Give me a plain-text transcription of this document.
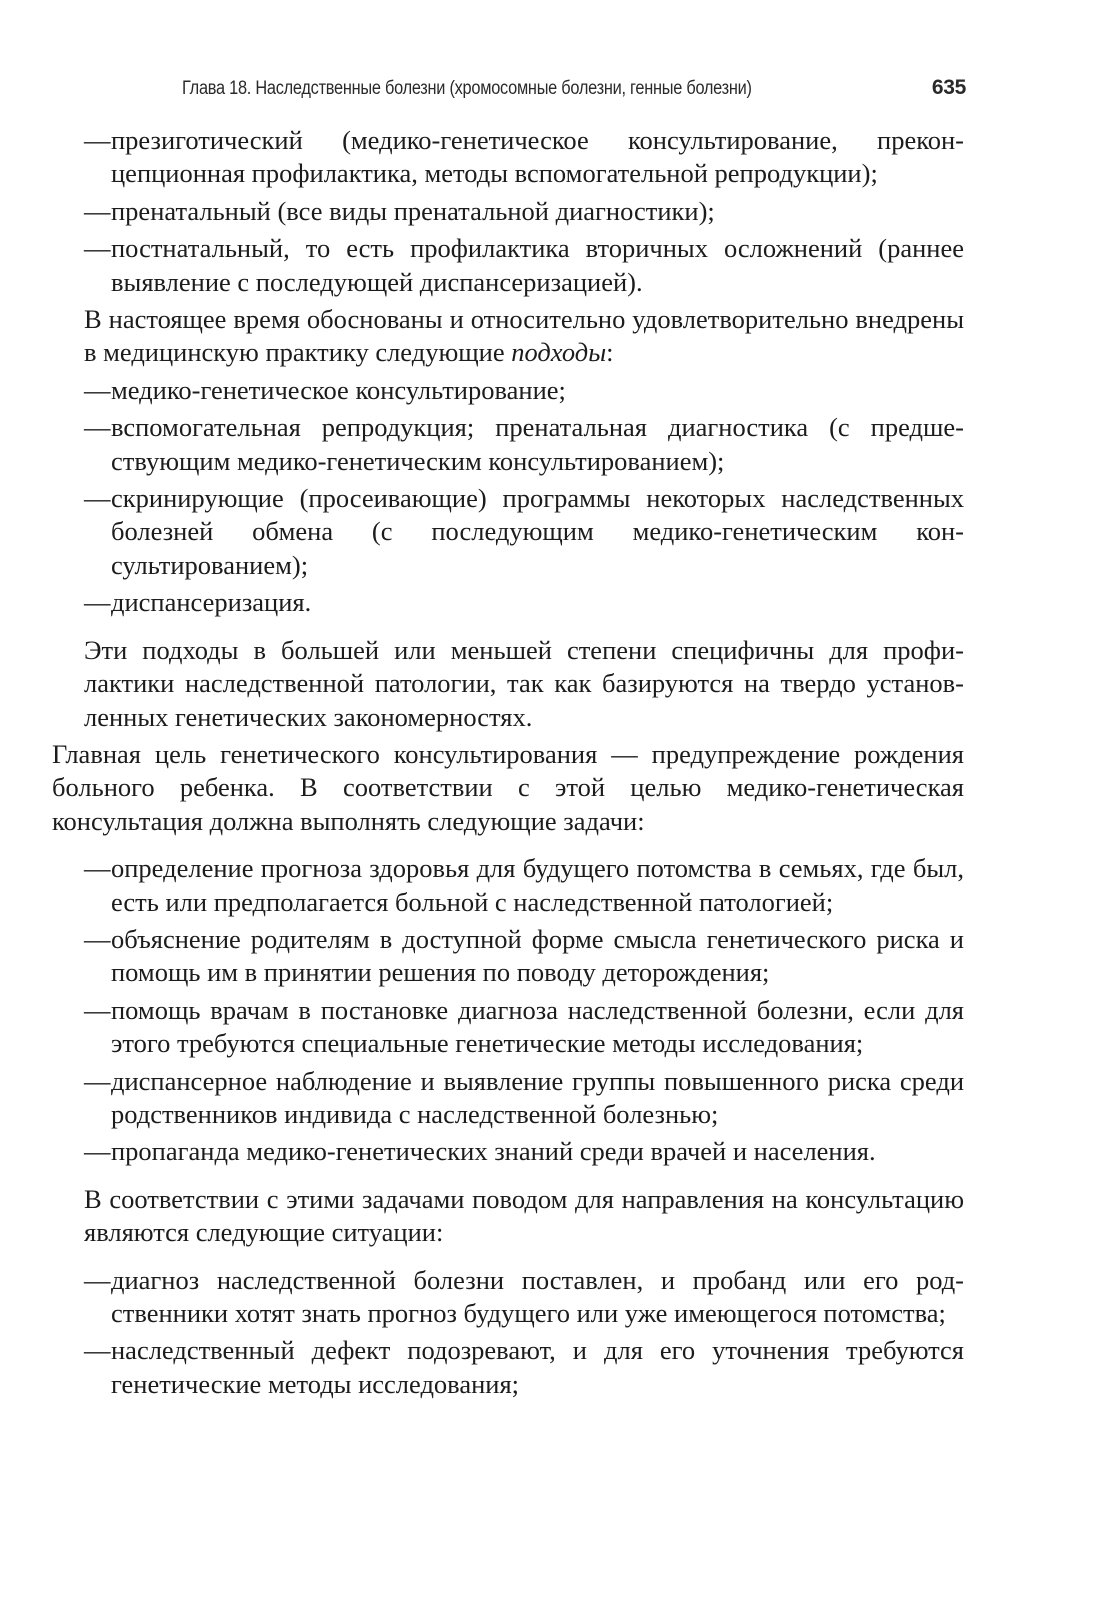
Глава 18. Наследственные болезни (хромосомные болезни, генные болезни)	635
— презиготический (медико-генетическое консультирование, преконцепционная профилактика, методы вспомогательной репродукции);
— пренатальный (все виды пренатальной диагностики);
— постнатальный, то есть профилактика вторичных осложнений (раннее выявление с последующей диспансеризацией).
В настоящее время обоснованы и относительно удовлетворительно внедрены в медицинскую практику следующие подходы:
— медико-генетическое консультирование;
— вспомогательная репродукция; пренатальная диагностика (с предшествующим медико-генетическим консультированием);
— скринирующие (просеивающие) программы некоторых наследственных болезней обмена (с последующим медико-генетическим консультированием);
— диспансеризация.
Эти подходы в большей или меньшей степени специфичны для профилактики наследственной патологии, так как базируются на твердо установленных генетических закономерностях.
Главная цель генетического консультирования — предупреждение рождения больного ребенка. В соответствии с этой целью медико-генетическая консультация должна выполнять следующие задачи:
— определение прогноза здоровья для будущего потомства в семьях, где был, есть или предполагается больной с наследственной патологией;
— объяснение родителям в доступной форме смысла генетического риска и помощь им в принятии решения по поводу деторождения;
— помощь врачам в постановке диагноза наследственной болезни, если для этого требуются специальные генетические методы исследования;
— диспансерное наблюдение и выявление группы повышенного риска среди родственников индивида с наследственной болезнью;
— пропаганда медико-генетических знаний среди врачей и населения.
В соответствии с этими задачами поводом для направления на консультацию являются следующие ситуации:
— диагноз наследственной болезни поставлен, и пробанд или его родственники хотят знать прогноз будущего или уже имеющегося потомства;
— наследственный дефект подозревают, и для его уточнения требуются генетические методы исследования;
